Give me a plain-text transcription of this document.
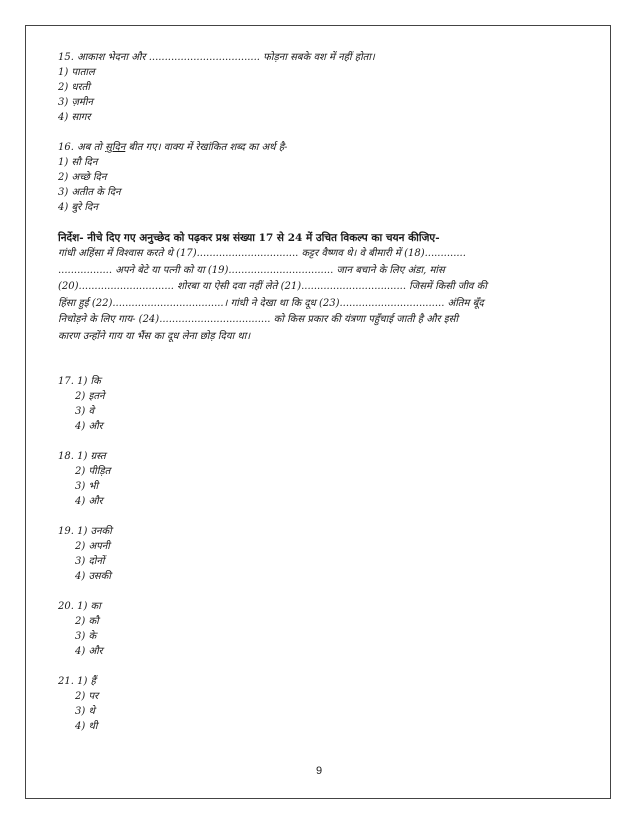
15. आकाश भेदना और ................................... फोड़ना सबके वश में नहीं होता।
1) पाताल
2) धरती
3) ज़मीन
4) सागर
16. अब तो सुदिन बीत गए। वाक्य में रेखांकित शब्द का अर्थ है-
1) सौ दिन
2) अच्छे दिन
3) अतीत के दिन
4) बुरे दिन
निर्देश- नीचे दिए गए अनुच्छेद को पढ़कर प्रश्न संख्या 17 से 24 में उचित विकल्प का चयन कीजिए-
गांधी अहिंसा में विश्वास करते थे (17)................................ कट्टर वैष्णव थे। वे बीमारी में (18).............
................. अपने बेटे या पत्नी को या (19)................................. जान बचाने के लिए अंडा, मांस
(20).............................. शोरबा या ऐसी दवा नहीं लेते (21)................................. जिसमें किसी जीव की
हिंसा हुई (22)...................................। गांधी ने देखा था कि दूध (23)................................. अंतिम बूँद
निचोड़ने के लिए गाय- (24)................................... को किस प्रकार की यंत्रणा पहुँचाई जाती है और इसी
कारण उन्होंने गाय या भैंस का दूध लेना छोड़ दिया था।
17. 1) कि
2) इतने
3) वे
4) और
18. 1) ग्रस्त
2) पीड़ित
3) भी
4) और
19. 1) उनकी
2) अपनी
3) दोनों
4) उसकी
20. 1) का
2) कौ
3) के
4) और
21. 1) हैं
2) पर
3) थे
4) थी
9
